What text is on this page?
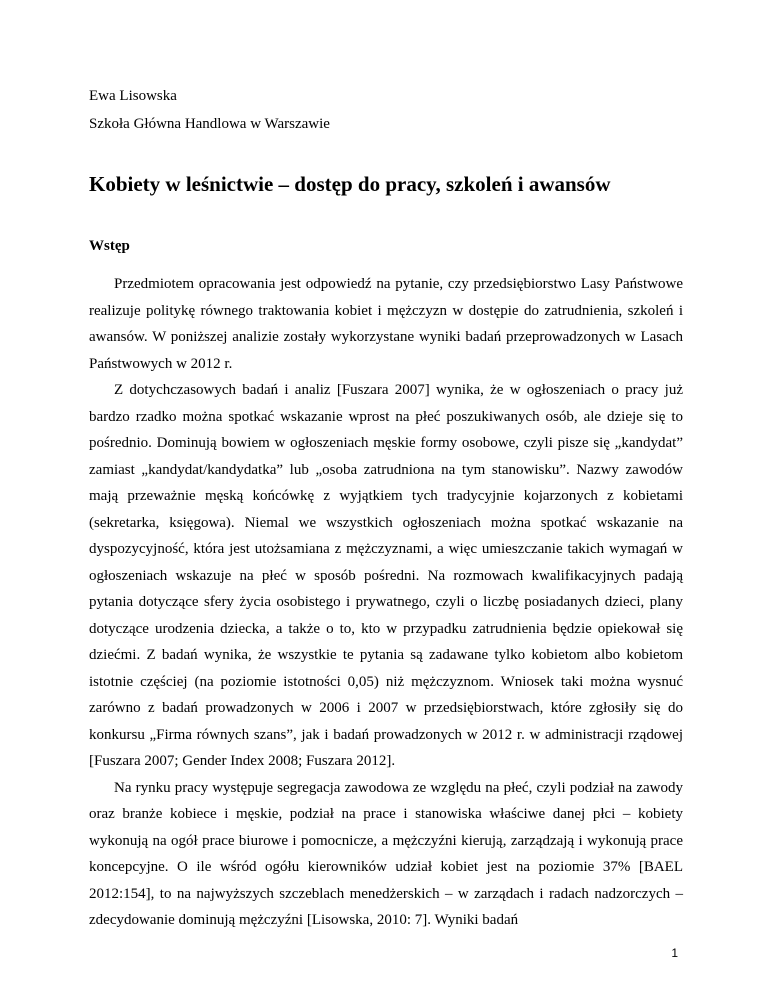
Ewa Lisowska
Szkoła Główna Handlowa w Warszawie
Kobiety w leśnictwie – dostęp do pracy, szkoleń i awansów
Wstęp

Przedmiotem opracowania jest odpowiedź na pytanie, czy przedsiębiorstwo Lasy Państwowe realizuje politykę równego traktowania kobiet i mężczyzn w dostępie do zatrudnienia, szkoleń i awansów. W poniższej analizie zostały wykorzystane wyniki badań przeprowadzonych w Lasach Państwowych w 2012 r.

Z dotychczasowych badań i analiz [Fuszara 2007] wynika, że w ogłoszeniach o pracy już bardzo rzadko można spotkać wskazanie wprost na płeć poszukiwanych osób, ale dzieje się to pośrednio. Dominują bowiem w ogłoszeniach męskie formy osobowe, czyli pisze się „kandydat” zamiast „kandydat/kandydatka” lub „osoba zatrudniona na tym stanowisku”. Nazwy zawodów mają przeważnie męską końcówkę z wyjątkiem tych tradycyjnie kojarzonych z kobietami (sekretarka, księgowa). Niemal we wszystkich ogłoszeniach można spotkać wskazanie na dyspozycyjność, która jest utożsamiana z mężczyznami, a więc umieszczanie takich wymagań w ogłoszeniach wskazuje na płeć w sposób pośredni. Na rozmowach kwalifikacyjnych padają pytania dotyczące sfery życia osobistego i prywatnego, czyli o liczbę posiadanych dzieci, plany dotyczące urodzenia dziecka, a także o to, kto w przypadku zatrudnienia będzie opiekował się dziećmi. Z badań wynika, że wszystkie te pytania są zadawane tylko kobietom albo kobietom istotnie częściej (na poziomie istotności 0,05) niż mężczyznom. Wniosek taki można wysnuć zarówno z badań prowadzonych w 2006 i 2007 w przedsiębiorstwach, które zgłosiły się do konkursu „Firma równych szans”, jak i badań prowadzonych w 2012 r. w administracji rządowej [Fuszara 2007; Gender Index 2008; Fuszara 2012].

Na rynku pracy występuje segregacja zawodowa ze względu na płeć, czyli podział na zawody oraz branże kobiece i męskie, podział na prace i stanowiska właściwe danej płci – kobiety wykonują na ogół prace biurowe i pomocnicze, a mężczyźni kierują, zarządzają i wykonują prace koncepcyjne. O ile wśród ogółu kierowników udział kobiet jest na poziomie 37% [BAEL 2012:154], to na najwyższych szczeblach menedżerskich – w zarządach i radach nadzorczych – zdecydowanie dominują mężczyźni [Lisowska, 2010: 7]. Wyniki badań

1
